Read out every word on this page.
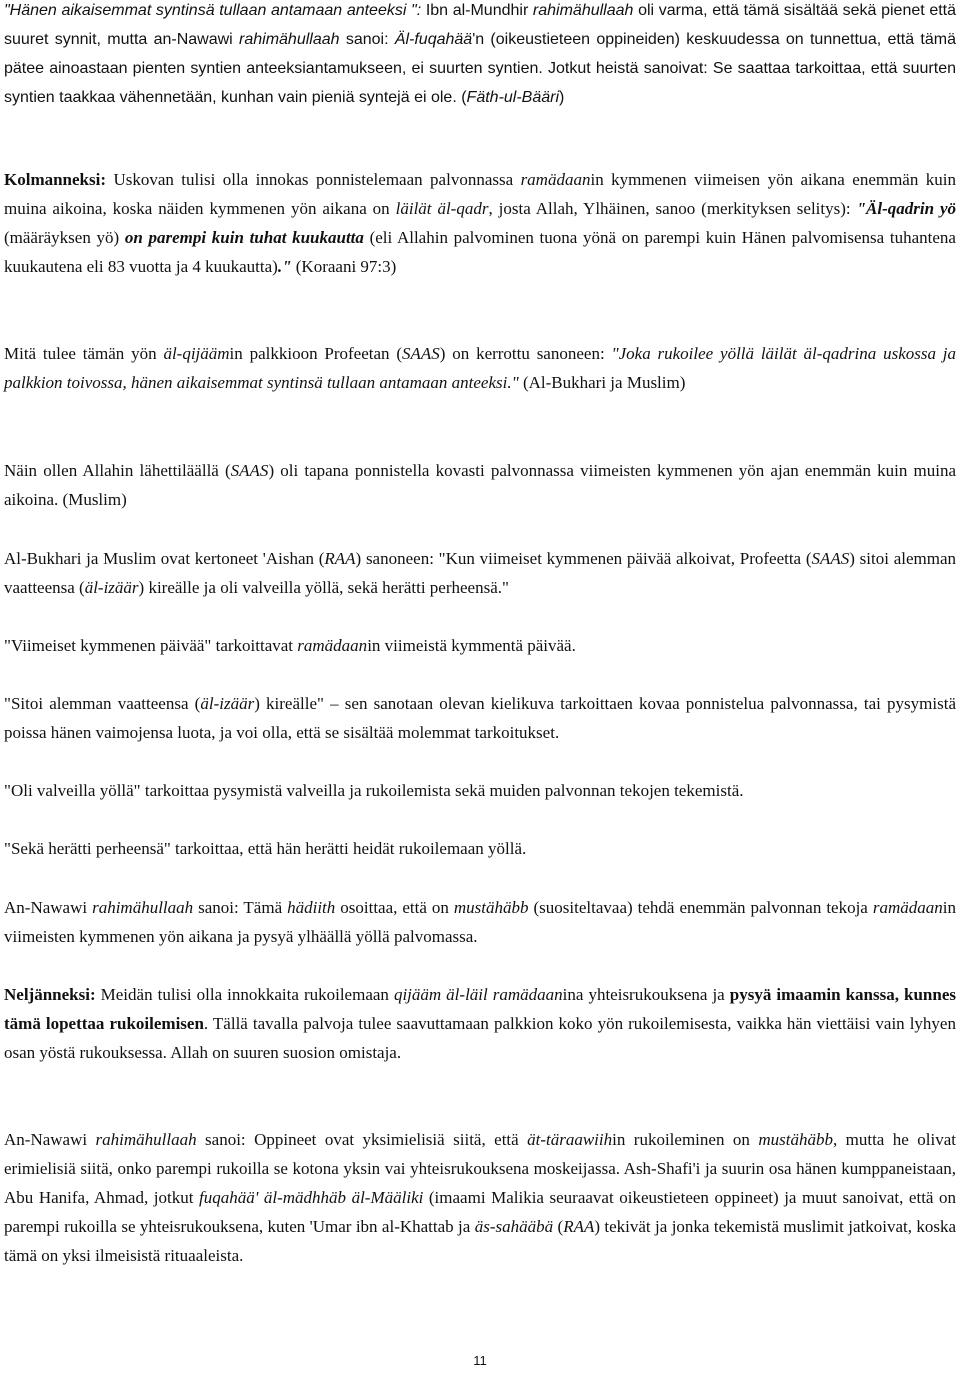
"Hänen aikaisemmat syntinsä tullaan antamaan anteeksi ": Ibn al-Mundhir rahimähullaah oli varma, että tämä sisältää sekä pienet että suuret synnit, mutta an-Nawawi rahimähullaah sanoi: Äl-fuqahää'n (oikeustieteen oppineiden) keskuudessa on tunnettua, että tämä pätee ainoastaan pienten syntien anteeksiantamukseen, ei suurten syntien. Jotkut heistä sanoivat: Se saattaa tarkoittaa, että suurten syntien taakkaa vähennetään, kunhan vain pieniä syntejä ei ole. (Fäth-ul-Bääri)

Kolmanneksi: Uskovan tulisi olla innokas ponnistelemaan palvonnassa ramädaanin kymmenen viimeisen yön aikana enemmän kuin muina aikoina, koska näiden kymmenen yön aikana on läilät äl-qadr, josta Allah, Ylhäinen, sanoo (merkityksen selitys): "Äl-qadrin yö (määräyksen yö) on parempi kuin tuhat kuukautta (eli Allahin palvominen tuona yönä on parempi kuin Hänen palvomisensa tuhantena kuukautena eli 83 vuotta ja 4 kuukautta)." (Koraani 97:3)

Mitä tulee tämän yön äl-qijäämin palkkioon Profeetan (SAAS) on kerrottu sanoneen: "Joka rukoilee yöllä läilät äl-qadrina uskossa ja palkkion toivossa, hänen aikaisemmat syntinsä tullaan antamaan anteeksi." (Al-Bukhari ja Muslim)

Näin ollen Allahin lähettiläällä (SAAS) oli tapana ponnistella kovasti palvonnassa viimeisten kymmenen yön ajan enemmän kuin muina aikoina. (Muslim)

Al-Bukhari ja Muslim ovat kertoneet 'Aishan (RAA) sanoneen: "Kun viimeiset kymmenen päivää alkoivat, Profeetta (SAAS) sitoi alemman vaatteensa (äl-izäär) kireälle ja oli valveilla yöllä, sekä herätti perheensä."

"Viimeiset kymmenen päivää" tarkoittavat ramädaanin viimeistä kymmentä päivää.

"Sitoi alemman vaatteensa (äl-izäär) kireälle" – sen sanotaan olevan kielikuva tarkoittaen kovaa ponnistelua palvonnassa, tai pysymistä poissa hänen vaimojensa luota, ja voi olla, että se sisältää molemmat tarkoitukset.

"Oli valveilla yöllä" tarkoittaa pysymistä valveilla ja rukoilemista sekä muiden palvonnan tekojen tekemistä.

"Sekä herätti perheensä" tarkoittaa, että hän herätti heidät rukoilemaan yöllä.

An-Nawawi rahimähullaah sanoi: Tämä hädiith osoittaa, että on mustähäbb (suositeltavaa) tehdä enemmän palvonnan tekoja ramädaanin viimeisten kymmenen yön aikana ja pysyä ylhäällä yöllä palvomassa.

Neljänneksi: Meidän tulisi olla innokkaita rukoilemaan qijääm äl-läil ramädaanina yhteisrukouksena ja pysyä imaamin kanssa, kunnes tämä lopettaa rukoilemisen. Tällä tavalla palvoja tulee saavuttamaan palkkion koko yön rukoilemisesta, vaikka hän viettäisi vain lyhyen osan yöstä rukouksessa. Allah on suuren suosion omistaja.

An-Nawawi rahimähullaah sanoi: Oppineet ovat yksimielisiä siitä, että ät-täraawiihin rukoileminen on mustähäbb, mutta he olivat erimielisiä siitä, onko parempi rukoilla se kotona yksin vai yhteisrukouksena moskeijassa. Ash-Shafi'i ja suurin osa hänen kumppaneistaan, Abu Hanifa, Ahmad, jotkut fuqahää' äl-mädhhäb äl-Määliki (imaami Malikia seuraavat oikeustieteen oppineet) ja muut sanoivat, että on parempi rukoilla se yhteisrukouksena, kuten 'Umar ibn al-Khattab ja äs-sahääbä (RAA) tekivät ja jonka tekemistä muslimit jatkoivat, koska tämä on yksi ilmeisistä rituaaleista.

11
